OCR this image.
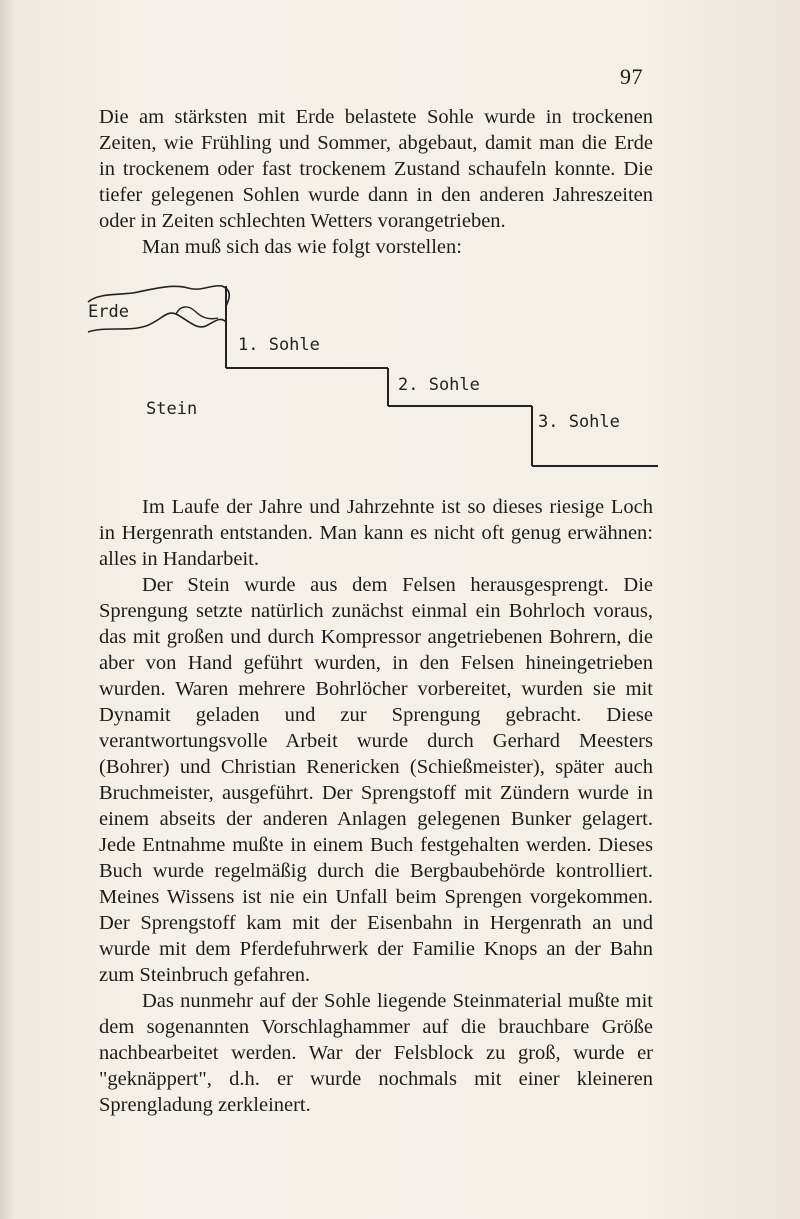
97

Die am stärksten mit Erde belastete Sohle wurde in trockenen Zeiten, wie Frühling und Sommer, abgebaut, damit man die Erde in trockenem oder fast trockenem Zustand schaufeln konnte. Die tiefer gelegenen Sohlen wurde dann in den anderen Jahreszeiten oder in Zeiten schlechten Wetters vorangetrieben.

Man muß sich das wie folgt vorstellen:

Erde
1. Sohle
2. Sohle
3. Sohle
Stein

Im Laufe der Jahre und Jahrzehnte ist so dieses riesige Loch in Hergenrath entstanden. Man kann es nicht oft genug erwähnen: alles in Handarbeit.

Der Stein wurde aus dem Felsen herausgesprengt. Die Sprengung setzte natürlich zunächst einmal ein Bohrloch voraus, das mit großen und durch Kompressor angetriebenen Bohrern, die aber von Hand geführt wurden, in den Felsen hineingetrieben wurden. Waren mehrere Bohrlöcher vorbereitet, wurden sie mit Dynamit geladen und zur Sprengung gebracht. Diese verantwortungsvolle Arbeit wurde durch Gerhard Meesters (Bohrer) und Christian Renericken (Schießmeister), später auch Bruchmeister, ausgeführt. Der Sprengstoff mit Zündern wurde in einem abseits der anderen Anlagen gelegenen Bunker gelagert. Jede Entnahme mußte in einem Buch festgehalten werden. Dieses Buch wurde regelmäßig durch die Bergbaubehörde kontrolliert. Meines Wissens ist nie ein Unfall beim Sprengen vorgekommen. Der Sprengstoff kam mit der Eisenbahn in Hergenrath an und wurde mit dem Pferdefuhrwerk der Familie Knops an der Bahn zum Steinbruch gefahren.

Das nunmehr auf der Sohle liegende Steinmaterial mußte mit dem sogenannten Vorschlaghammer auf die brauchbare Größe nachbearbeitet werden. War der Felsblock zu groß, wurde er "geknäppert", d.h. er wurde nochmals mit einer kleineren Sprengladung zerkleinert.
